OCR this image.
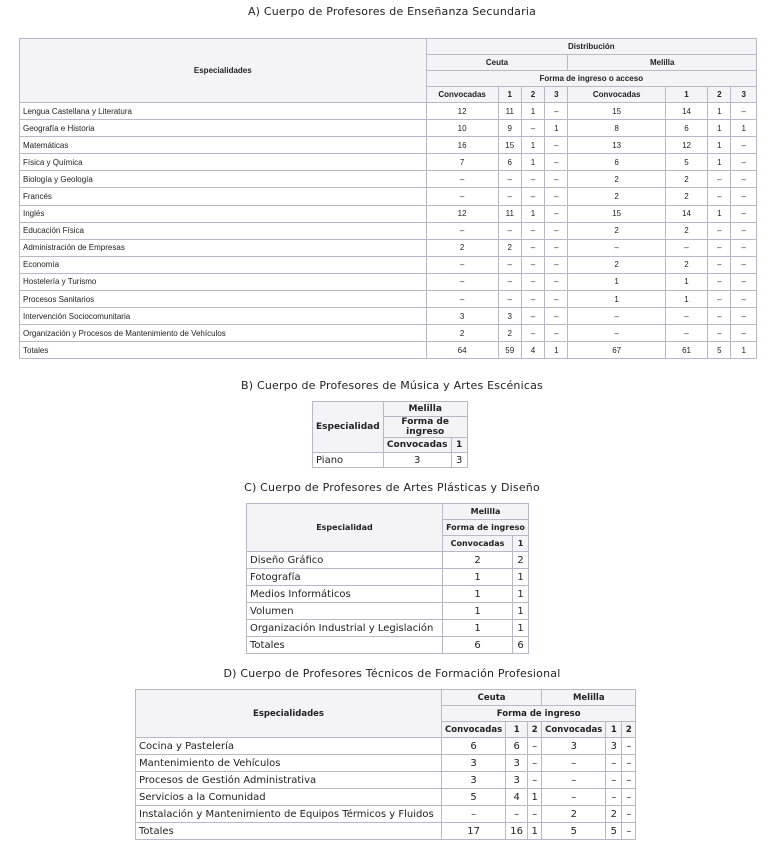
A) Cuerpo de Profesores de Enseñanza Secundaria
Especialidades	Distribución							
	Ceuta				Melilla			
	Forma de ingreso o acceso							
	Convocadas	1	2	3	Convocadas	1	2	3
Lengua Castellana y Literatura	12	11	1	–	15	14	1	–
Geografía e Historia	10	9	–	1	8	6	1	1
Matemáticas	16	15	1	–	13	12	1	–
Física y Química	7	6	1	–	6	5	1	–
Biología y Geología	–	–	–	–	2	2	–	–
Francés	–	–	–	–	2	2	–	–
Inglés	12	11	1	–	15	14	1	–
Educación Física	–	–	–	–	2	2	–	–
Administración de Empresas	2	2	–	–	–	–	–	–
Economía	–	–	–	–	2	2	–	–
Hostelería y Turismo	–	–	–	–	1	1	–	–
Procesos Sanitarios	–	–	–	–	1	1	–	–
Intervención Sociocomunitaria	3	3	–	–	–	–	–	–
Organización y Procesos de Mantenimiento de Vehículos	2	2	–	–	–	–	–	–
Totales	64	59	4	1	67	61	5	1
B) Cuerpo de Profesores de Música y Artes Escénicas
Especialidad	Melilla	
	Forma de ingreso	
	Convocadas	1
Piano	3	3
C) Cuerpo de Profesores de Artes Plásticas y Diseño
Especialidad	Melilla	
	Forma de ingreso	
	Convocadas	1
Diseño Gráfico	2	2
Fotografía	1	1
Medios Informáticos	1	1
Volumen	1	1
Organización Industrial y Legislación	1	1
Totales	6	6
D) Cuerpo de Profesores Técnicos de Formación Profesional
Especialidades	Ceuta			Melilla		
	Forma de ingreso					
	Convocadas	1	2	Convocadas	1	2
Cocina y Pastelería	6	6	–	3	3	–
Mantenimiento de Vehículos	3	3	–	–	–	–
Procesos de Gestión Administrativa	3	3	–	–	–	–
Servicios a la Comunidad	5	4	1	–	–	–
Instalación y Mantenimiento de Equipos Térmicos y Fluidos	–	–	–	2	2	–
Totales	17	16	1	5	5	–
